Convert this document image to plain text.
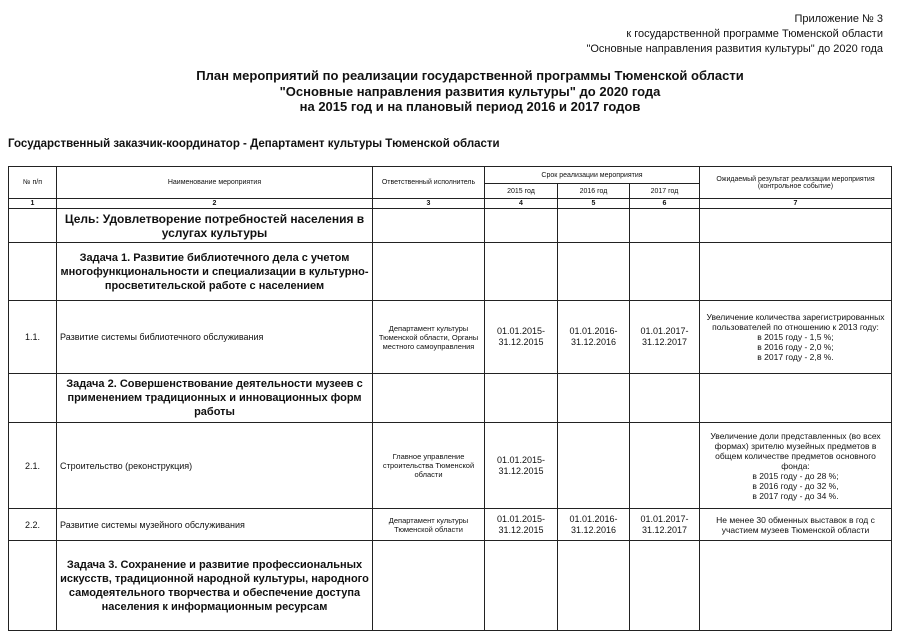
Приложение № 3
к государственной программе Тюменской области
"Основные направления развития культуры" до 2020 года
План мероприятий по реализации государственной программы Тюменской области
"Основные направления развития культуры" до 2020 года
на 2015 год и на плановый период 2016 и 2017 годов
Государственный заказчик-координатор - Департамент культуры Тюменской области
№ п/п	Наименование мероприятия	Ответственный исполнитель	Срок реализации мероприятия			Ожидаемый результат реализации мероприятия (контрольное событие)
			2015 год	2016 год	2017 год	
1	2	3	4	5	6	7
	Цель: Удовлетворение потребностей населения в услугах культуры					
	Задача 1. Развитие библиотечного дела с учетом многофункциональности и специализации в культурно-просветительской работе с населением					
1.1.	Развитие системы библиотечного обслуживания	Департамент культуры Тюменской области, Органы местного самоуправления	01.01.2015-31.12.2015	01.01.2016-31.12.2016	01.01.2017-31.12.2017	Увеличение количества зарегистрированных пользователей по отношению к 2013 году:
в 2015 году - 1,5 %;
в 2016 году - 2,0 %;
в 2017 году - 2,8 %.

	Задача 2. Совершенствование деятельности музеев с применением традиционных и инновационных форм работы					
2.1.	Строительство (реконструкция)	Главное управление строительства Тюменской области	01.01.2015-31.12.2015			Увеличение доли представленных (во всех формах) зрителю музейных предметов в общем количестве предметов основного фонда:
в 2015 году - до 28 %;
в 2016 году - до 32 %,
в 2017 году - до 34 %.

2.2.	Развитие системы музейного обслуживания	Департамент культуры Тюменской области	01.01.2015-31.12.2015	01.01.2016-31.12.2016	01.01.2017-31.12.2017	Не менее 30 обменных выставок в год с участием музеев Тюменской области
	Задача 3. Сохранение и развитие профессиональных искусств, традиционной народной культуры, народного самодеятельного творчества и обеспечение доступа населения к информационным ресурсам					
